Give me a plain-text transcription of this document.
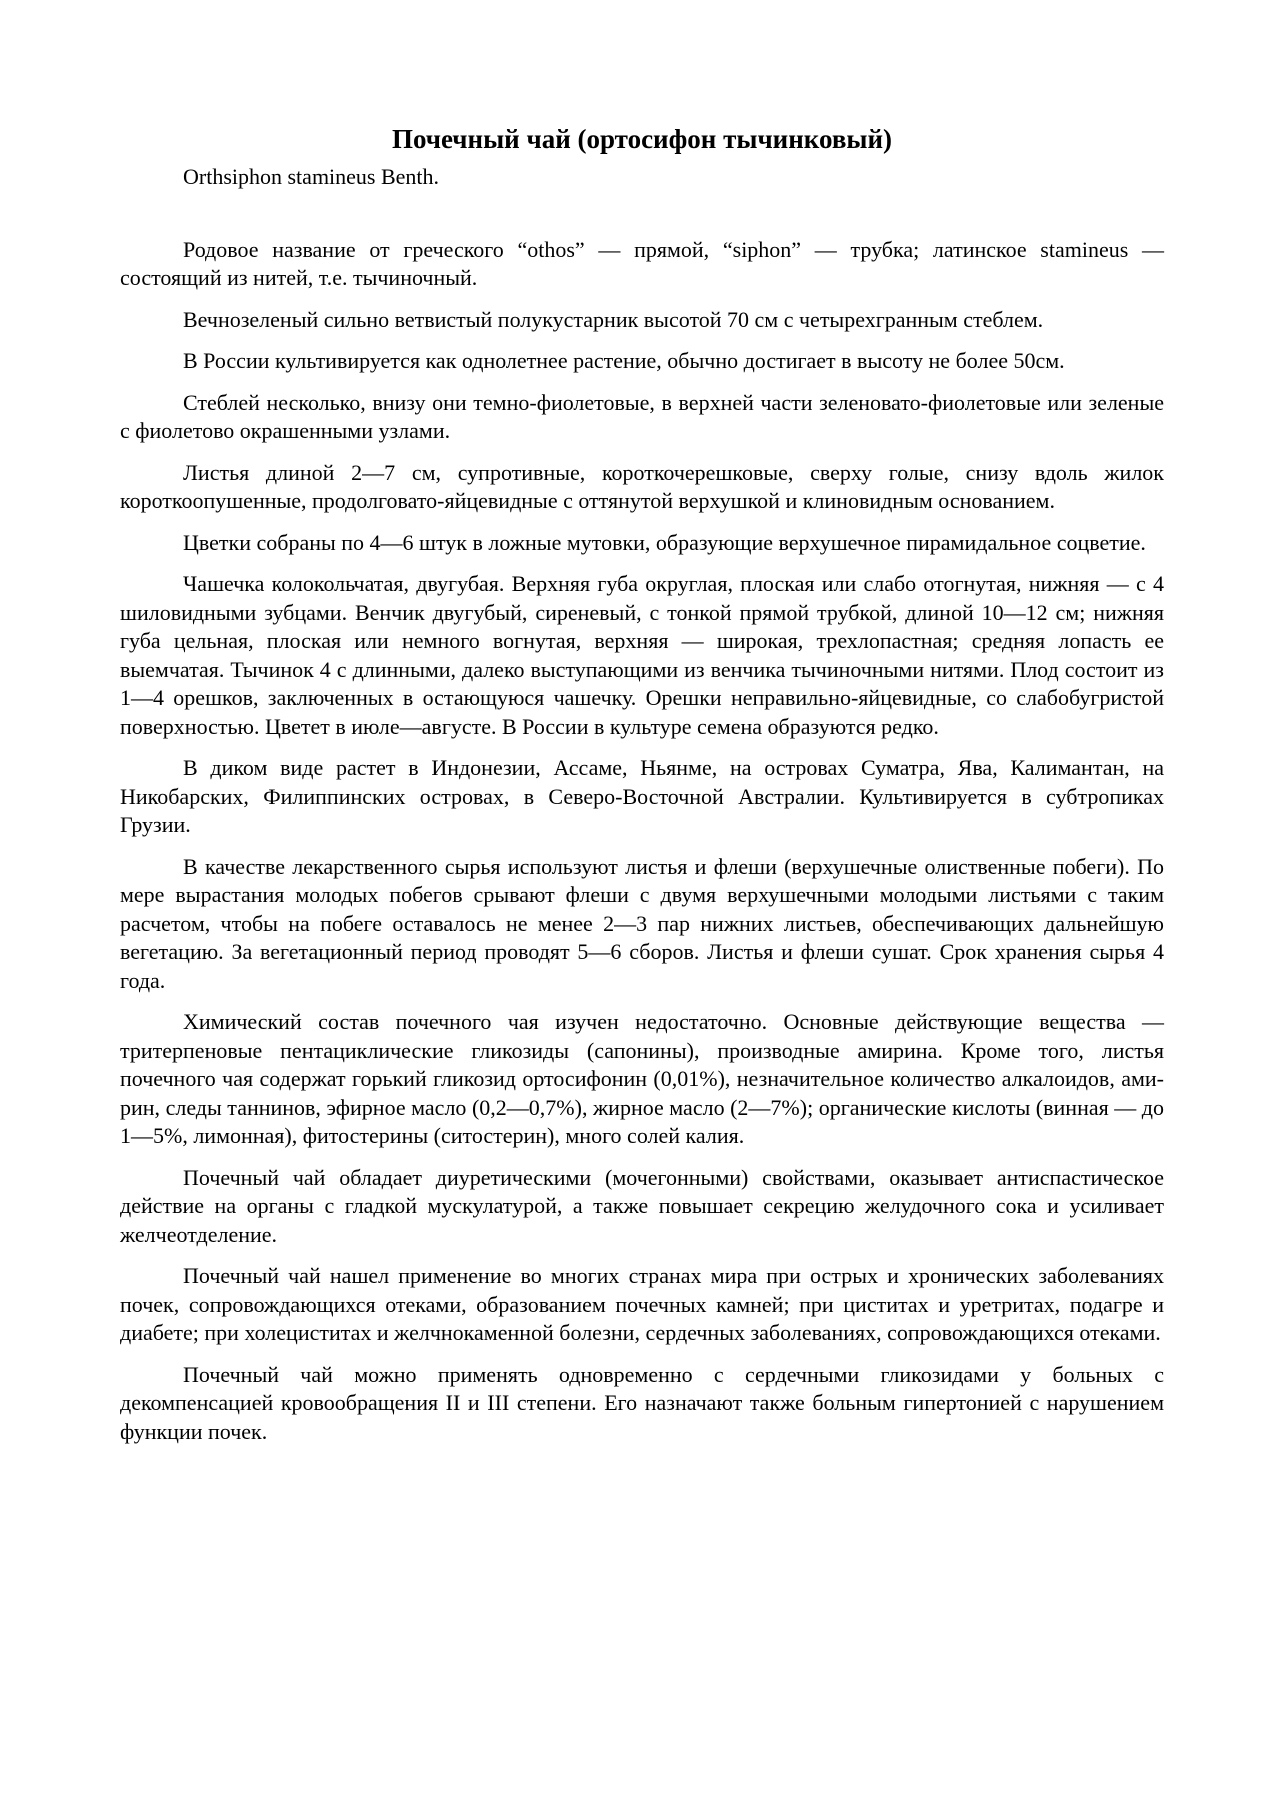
Почечный чай (ортосифон тычинковый)

Orthsiphon stamineus Benth.

Родовое название от греческого “othos” — прямой, “siphon” — трубка; латинское stamineus — состоящий из нитей, т.е. тычиночный.

Вечнозеленый сильно ветвистый полукустарник высотой 70 см с четырехгранным стеблем.

В России культивируется как однолетнее растение, обычно достигает в высоту не более 50см.

Стеблей несколько, внизу они темно-фиолетовые, в верхней части зеленовато-фиолетовые или зеленые с фиолетово окрашенными узлами.

Листья длиной 2—7 см, супротивные, короткочерешковые, сверху голые, снизу вдоль жилок короткоопушенные, продолговато-яйцевидные с оттянутой верхушкой и клиновидным основанием.

Цветки собраны по 4—6 штук в ложные мутовки, образующие верхушечное пирамидальное соцветие.

Чашечка колокольчатая, двугубая. Верхняя губа округлая, плоская или слабо отогнутая, нижняя — с 4 шиловидными зубцами. Венчик двугубый, сиреневый, с тонкой прямой трубкой, длиной 10—12 см; нижняя губа цельная, плоская или немного вогнутая, верхняя — широкая, трехлопастная; средняя лопасть ее выемчатая. Тычинок 4 с длинными, далеко выступающими из венчика тычиночными нитями. Плод состоит из 1—4 орешков, заключенных в остающуюся чашечку. Орешки неправильно-яйцевидные, со слабобугристой поверхностью. Цветет в июле—августе. В России в культуре семена образуются редко.

В диком виде растет в Индонезии, Ассаме, Ньянме, на островах Суматра, Ява, Калимантан, на Никобарских, Филиппинских островах, в Северо-Восточной Австралии. Культивируется в субтропиках Грузии.

В качестве лекарственного сырья используют листья и флеши (верхушечные олиственные побеги). По мере вырастания молодых побегов срывают флеши с двумя верхушечными молодыми листьями с таким расчетом, чтобы на побеге оставалось не менее 2—3 пар нижних листьев, обеспечивающих дальнейшую вегетацию. За вегетационный период проводят 5—6 сборов. Листья и флеши сушат. Срок хранения сырья 4 года.

Химический состав почечного чая изучен недостаточно. Основные действующие вещества — тритерпеновые пентациклические гликозиды (сапонины), производные амирина. Кроме того, листья почечного чая содержат горький гликозид ортосифонин (0,01%), незначительное количество алкалоидов, ами-рин, следы таннинов, эфирное масло (0,2—0,7%), жирное масло (2—7%); органические кислоты (винная — до 1—5%, лимонная), фитостерины (ситостерин), много солей калия.

Почечный чай обладает диуретическими (мочегонными) свойствами, оказывает антиспастическое действие на органы с гладкой мускулатурой, а также повышает секрецию желудочного сока и усиливает желчеотделение.

Почечный чай нашел применение во многих странах мира при острых и хронических заболеваниях почек, сопровождающихся отеками, образованием почечных камней; при циститах и уретритах, подагре и диабете; при холециститах и желчнокаменной болезни, сердечных заболеваниях, сопровождающихся отеками.

Почечный чай можно применять одновременно с сердечными гликозидами у больных с декомпенсацией кровообращения II и III степени. Его назначают также больным гипертонией с нарушением функции почек.
